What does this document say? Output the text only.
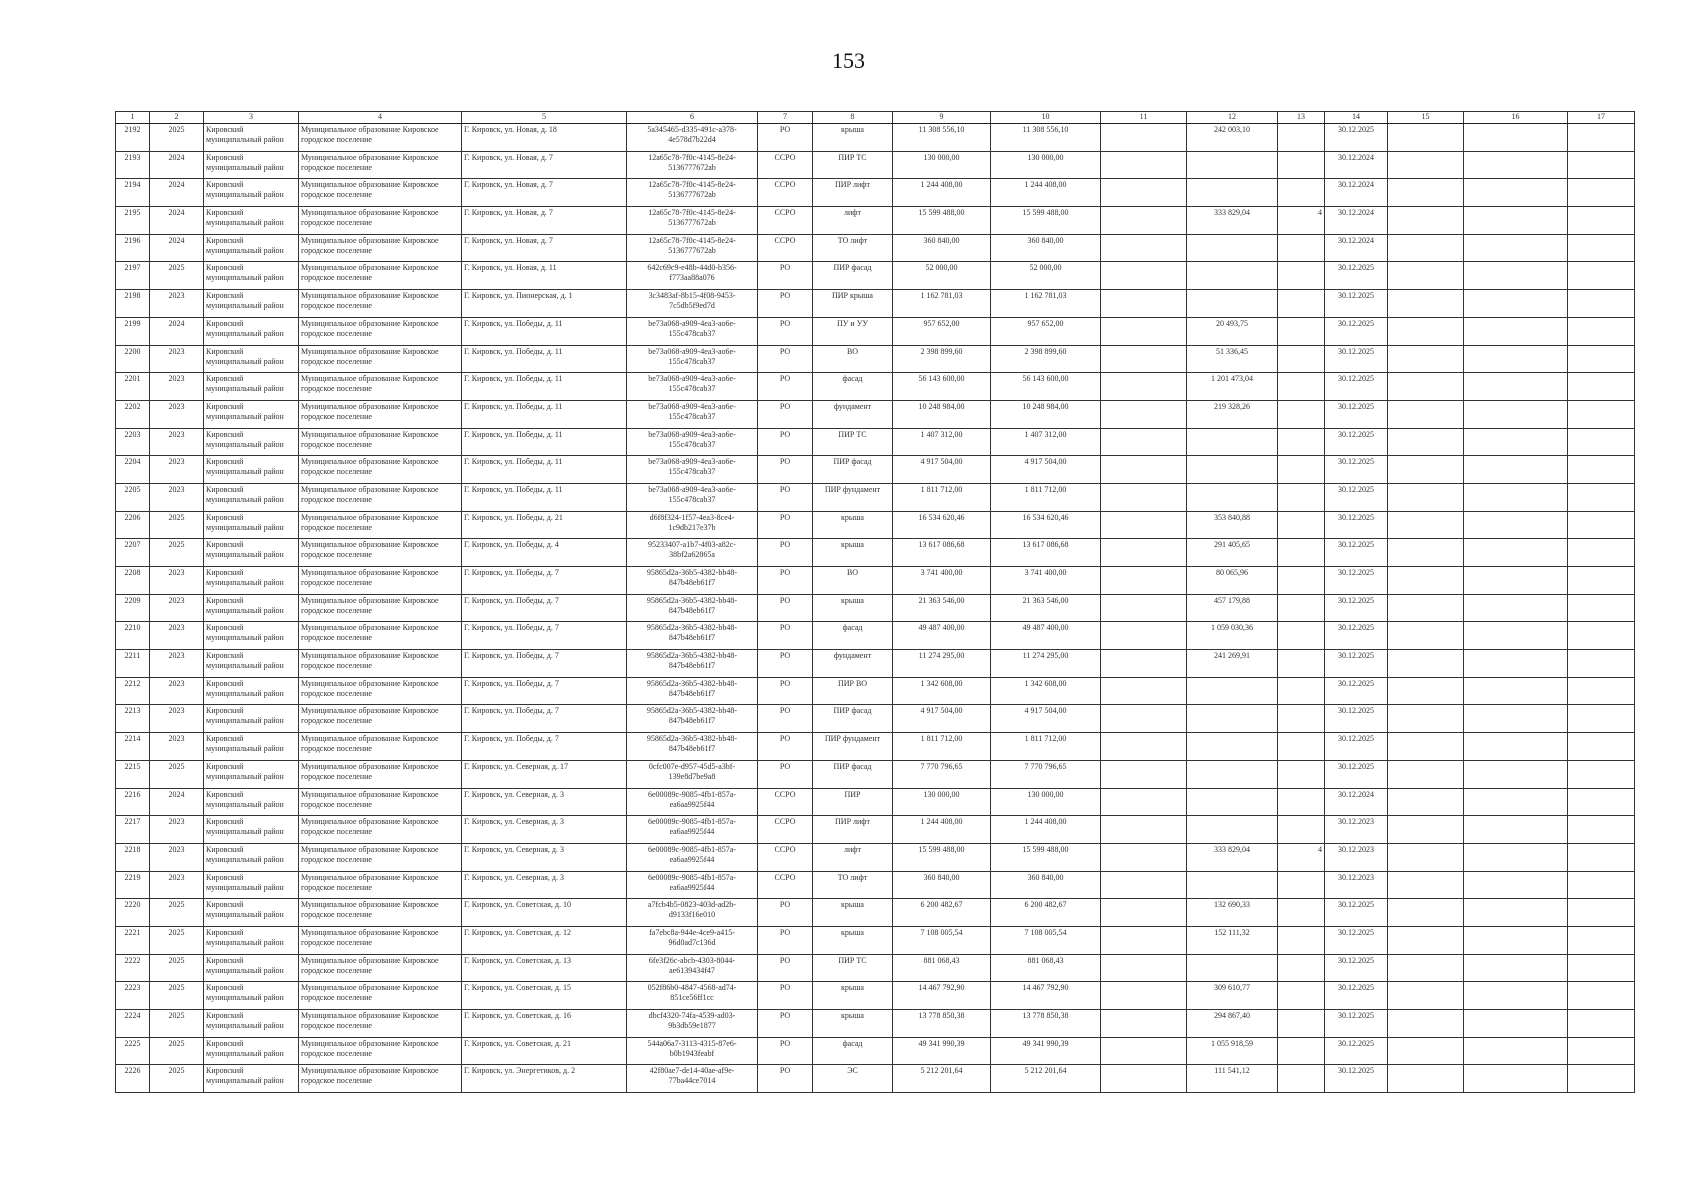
153
1	2	3	4	5	6	7	8	9	10	11	12	13	14	15	16	17
2192	2025	Кировский муниципальный район	Муниципальное образование Кировское городское поселение	Г. Кировск, ул. Новая, д. 18	5a345465-d335-491c-a378-4e578d7b22d4	РО	крыша	11 308 556,10	11 308 556,10		242 003,10		30.12.2025			
2193	2024	Кировский муниципальный район	Муниципальное образование Кировское городское поселение	Г. Кировск, ул. Новая, д. 7	12a65c78-7f0c-4145-8e24-5136777672ab	ССРО	ПИР ТС	130 000,00	130 000,00				30.12.2024			
2194	2024	Кировский муниципальный район	Муниципальное образование Кировское городское поселение	Г. Кировск, ул. Новая, д. 7	12a65c78-7f0c-4145-8e24-5136777672ab	ССРО	ПИР лифт	1 244 408,00	1 244 408,00				30.12.2024			
2195	2024	Кировский муниципальный район	Муниципальное образование Кировское городское поселение	Г. Кировск, ул. Новая, д. 7	12a65c78-7f0c-4145-8e24-5136777672ab	ССРО	лифт	15 599 488,00	15 599 488,00		333 829,04	4	30.12.2024			
2196	2024	Кировский муниципальный район	Муниципальное образование Кировское городское поселение	Г. Кировск, ул. Новая, д. 7	12a65c78-7f0c-4145-8e24-5136777672ab	ССРО	ТО лифт	360 840,00	360 840,00				30.12.2024			
2197	2025	Кировский муниципальный район	Муниципальное образование Кировское городское поселение	Г. Кировск, ул. Новая, д. 11	642c69c9-e48b-44d0-b356-f773aa88a076	РО	ПИР фасад	52 000,00	52 000,00				30.12.2025			
2198	2023	Кировский муниципальный район	Муниципальное образование Кировское городское поселение	Г. Кировск, ул. Пионерская, д. 1	3c3483af-8b15-4f08-9453-7c5db5f9ed7d	РО	ПИР крыша	1 162 781,03	1 162 781,03				30.12.2025			
2199	2024	Кировский муниципальный район	Муниципальное образование Кировское городское поселение	Г. Кировск, ул. Победы, д. 11	be73a068-a909-4ea3-ao6e-155c478cab37	РО	ПУ и УУ	957 652,00	957 652,00		20 493,75		30.12.2025			
2200	2023	Кировский муниципальный район	Муниципальное образование Кировское городское поселение	Г. Кировск, ул. Победы, д. 11	be73a068-a909-4ea3-ao6e-155c478cab37	РО	ВО	2 398 899,60	2 398 899,60		51 336,45		30.12.2025			
2201	2023	Кировский муниципальный район	Муниципальное образование Кировское городское поселение	Г. Кировск, ул. Победы, д. 11	be73a068-a909-4ea3-ao6e-155c478cab37	РО	фасад	56 143 600,00	56 143 600,00		1 201 473,04		30.12.2025			
2202	2023	Кировский муниципальный район	Муниципальное образование Кировское городское поселение	Г. Кировск, ул. Победы, д. 11	be73a068-a909-4ea3-ao6e-155c478cab37	РО	фундамент	10 248 984,00	10 248 984,00		219 328,26		30.12.2025			
2203	2023	Кировский муниципальный район	Муниципальное образование Кировское городское поселение	Г. Кировск, ул. Победы, д. 11	be73a068-a909-4ea3-ao6e-155c478cab37	РО	ПИР ТС	1 407 312,00	1 407 312,00				30.12.2025			
2204	2023	Кировский муниципальный район	Муниципальное образование Кировское городское поселение	Г. Кировск, ул. Победы, д. 11	be73a068-a909-4ea3-ao6e-155c478cab37	РО	ПИР фасад	4 917 504,00	4 917 504,00				30.12.2025			
2205	2023	Кировский муниципальный район	Муниципальное образование Кировское городское поселение	Г. Кировск, ул. Победы, д. 11	be73a068-a909-4ea3-ao6e-155c478cab37	РО	ПИР фундамент	1 811 712,00	1 811 712,00				30.12.2025			
2206	2025	Кировский муниципальный район	Муниципальное образование Кировское городское поселение	Г. Кировск, ул. Победы, д. 21	d6f8f324-1f57-4ea3-8ce4-1c9db217e37b	РО	крыша	16 534 620,46	16 534 620,46		353 840,88		30.12.2025			
2207	2025	Кировский муниципальный район	Муниципальное образование Кировское городское поселение	Г. Кировск, ул. Победы, д. 4	95233407-a1b7-4f03-a82c-38bf2a62865a	РО	крыша	13 617 086,68	13 617 086,68		291 405,65		30.12.2025			
2208	2023	Кировский муниципальный район	Муниципальное образование Кировское городское поселение	Г. Кировск, ул. Победы, д. 7	95865d2a-36b5-4382-bb48-847b48eb61f7	РО	ВО	3 741 400,00	3 741 400,00		80 065,96		30.12.2025			
2209	2023	Кировский муниципальный район	Муниципальное образование Кировское городское поселение	Г. Кировск, ул. Победы, д. 7	95865d2a-36b5-4382-bb48-847b48eb61f7	РО	крыша	21 363 546,00	21 363 546,00		457 179,88		30.12.2025			
2210	2023	Кировский муниципальный район	Муниципальное образование Кировское городское поселение	Г. Кировск, ул. Победы, д. 7	95865d2a-36b5-4382-bb48-847b48eb61f7	РО	фасад	49 487 400,00	49 487 400,00		1 059 030,36		30.12.2025			
2211	2023	Кировский муниципальный район	Муниципальное образование Кировское городское поселение	Г. Кировск, ул. Победы, д. 7	95865d2a-36b5-4382-bb48-847b48eb61f7	РО	фундамент	11 274 295,00	11 274 295,00		241 269,91		30.12.2025			
2212	2023	Кировский муниципальный район	Муниципальное образование Кировское городское поселение	Г. Кировск, ул. Победы, д. 7	95865d2a-36b5-4382-bb48-847b48eb61f7	РО	ПИР ВО	1 342 608,00	1 342 608,00				30.12.2025			
2213	2023	Кировский муниципальный район	Муниципальное образование Кировское городское поселение	Г. Кировск, ул. Победы, д. 7	95865d2a-36b5-4382-bb48-847b48eb61f7	РО	ПИР фасад	4 917 504,00	4 917 504,00				30.12.2025			
2214	2023	Кировский муниципальный район	Муниципальное образование Кировское городское поселение	Г. Кировск, ул. Победы, д. 7	95865d2a-36b5-4382-bb48-847b48eb61f7	РО	ПИР фундамент	1 811 712,00	1 811 712,00				30.12.2025			
2215	2025	Кировский муниципальный район	Муниципальное образование Кировское городское поселение	Г. Кировск, ул. Северная, д. 17	0cfc007e-d957-45d5-a3bf-139e8d7be9a8	РО	ПИР фасад	7 770 796,65	7 770 796,65				30.12.2025			
2216	2024	Кировский муниципальный район	Муниципальное образование Кировское городское поселение	Г. Кировск, ул. Северная, д. 3	6e00089c-9085-4fb1-857a-ea6aa9925f44	ССРО	ПИР	130 000,00	130 000,00				30.12.2024			
2217	2023	Кировский муниципальный район	Муниципальное образование Кировское городское поселение	Г. Кировск, ул. Северная, д. 3	6e00089c-9085-4fb1-857a-ea6aa9925f44	ССРО	ПИР лифт	1 244 408,00	1 244 408,00				30.12.2023			
2218	2023	Кировский муниципальный район	Муниципальное образование Кировское городское поселение	Г. Кировск, ул. Северная, д. 3	6e00089c-9085-4fb1-857a-ea6aa9925f44	ССРО	лифт	15 599 488,00	15 599 488,00		333 829,04	4	30.12.2023			
2219	2023	Кировский муниципальный район	Муниципальное образование Кировское городское поселение	Г. Кировск, ул. Северная, д. 3	6e00089c-9085-4fb1-857a-ea6aa9925f44	ССРО	ТО лифт	360 840,00	360 840,00				30.12.2023			
2220	2025	Кировский муниципальный район	Муниципальное образование Кировское городское поселение	Г. Кировск, ул. Советская, д. 10	a7fcb4b5-0823-403d-ad2b-d9133f16e010	РО	крыша	6 200 482,67	6 200 482,67		132 690,33		30.12.2025			
2221	2025	Кировский муниципальный район	Муниципальное образование Кировское городское поселение	Г. Кировск, ул. Советская, д. 12	fa7ebc8a-944e-4ce9-a415-96d0ad7c136d	РО	крыша	7 108 005,54	7 108 005,54		152 111,32		30.12.2025			
2222	2025	Кировский муниципальный район	Муниципальное образование Кировское городское поселение	Г. Кировск, ул. Советская, д. 13	6fe3f26c-abcb-4303-8044-ae6139434f47	РО	ПИР ТС	881 068,43	881 068,43				30.12.2025			
2223	2025	Кировский муниципальный район	Муниципальное образование Кировское городское поселение	Г. Кировск, ул. Советская, д. 15	052f86b0-4847-4568-ad74-851ce56ff1cc	РО	крыша	14 467 792,90	14 467 792,90		309 610,77		30.12.2025			
2224	2025	Кировский муниципальный район	Муниципальное образование Кировское городское поселение	Г. Кировск, ул. Советская, д. 16	dbcf4320-74fa-4539-ad03-9b3db59e1877	РО	крыша	13 778 850,38	13 778 850,38		294 867,40		30.12.2025			
2225	2025	Кировский муниципальный район	Муниципальное образование Кировское городское поселение	Г. Кировск, ул. Советская, д. 21	544a06a7-3113-4315-87e6-b0b1943feabf	РО	фасад	49 341 990,39	49 341 990,39		1 055 918,59		30.12.2025			
2226	2025	Кировский муниципальный район	Муниципальное образование Кировское городское поселение	Г. Кировск, ул. Энергетиков, д. 2	42f80ae7-de14-40ae-af9e-77ba44ce7014	РО	ЭС	5 212 201,64	5 212 201,64		111 541,12		30.12.2025			
